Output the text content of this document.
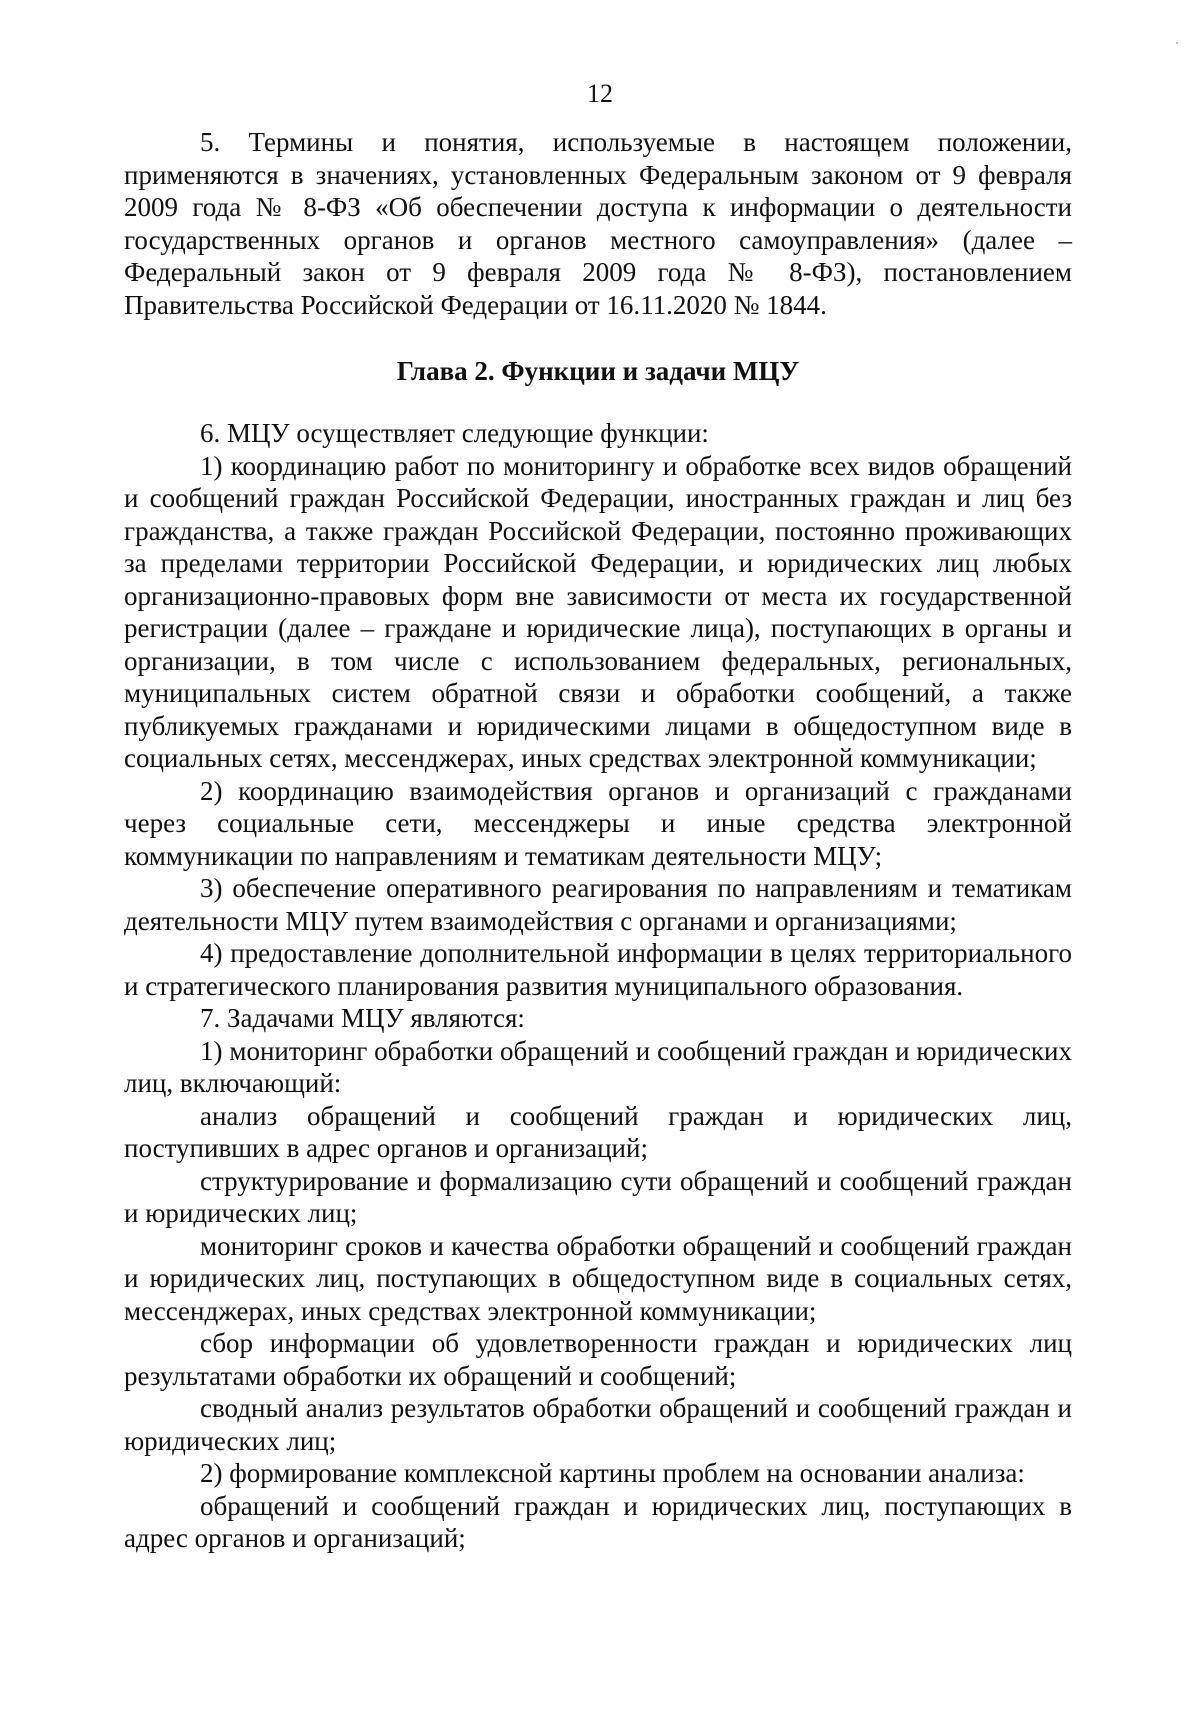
12

5. Термины и понятия, используемые в настоящем положении, применяются в значениях, установленных Федеральным законом от 9 февраля 2009 года № 8-ФЗ «Об обеспечении доступа к информации о деятельности государственных органов и органов местного самоуправления» (далее – Федеральный закон от 9 февраля 2009 года № 8-ФЗ), постановлением Правительства Российской Федерации от 16.11.2020 № 1844.

Глава 2. Функции и задачи МЦУ

6. МЦУ осуществляет следующие функции:

1) координацию работ по мониторингу и обработке всех видов обращений и сообщений граждан Российской Федерации, иностранных граждан и лиц без гражданства, а также граждан Российской Федерации, постоянно проживающих за пределами территории Российской Федерации, и юридических лиц любых организационно-правовых форм вне зависимости от места их государственной регистрации (далее – граждане и юридические лица), поступающих в органы и организации, в том числе с использованием федеральных, региональных, муниципальных систем обратной связи и обработки сообщений, а также публикуемых гражданами и юридическими лицами в общедоступном виде в социальных сетях, мессенджерах, иных средствах электронной коммуникации;

2) координацию взаимодействия органов и организаций с гражданами через социальные сети, мессенджеры и иные средства электронной коммуникации по направлениям и тематикам деятельности МЦУ;

3) обеспечение оперативного реагирования по направлениям и тематикам деятельности МЦУ путем взаимодействия с органами и организациями;

4) предоставление дополнительной информации в целях территориального и стратегического планирования развития муниципального образования.

7. Задачами МЦУ являются:

1) мониторинг обработки обращений и сообщений граждан и юридических лиц, включающий:

анализ обращений и сообщений граждан и юридических лиц, поступивших в адрес органов и организаций;

структурирование и формализацию сути обращений и сообщений граждан и юридических лиц;

мониторинг сроков и качества обработки обращений и сообщений граждан и юридических лиц, поступающих в общедоступном виде в социальных сетях, мессенджерах, иных средствах электронной коммуникации;

сбор информации об удовлетворенности граждан и юридических лиц результатами обработки их обращений и сообщений;

сводный анализ результатов обработки обращений и сообщений граждан и юридических лиц;

2) формирование комплексной картины проблем на основании анализа:

обращений и сообщений граждан и юридических лиц, поступающих в адрес органов и организаций;
